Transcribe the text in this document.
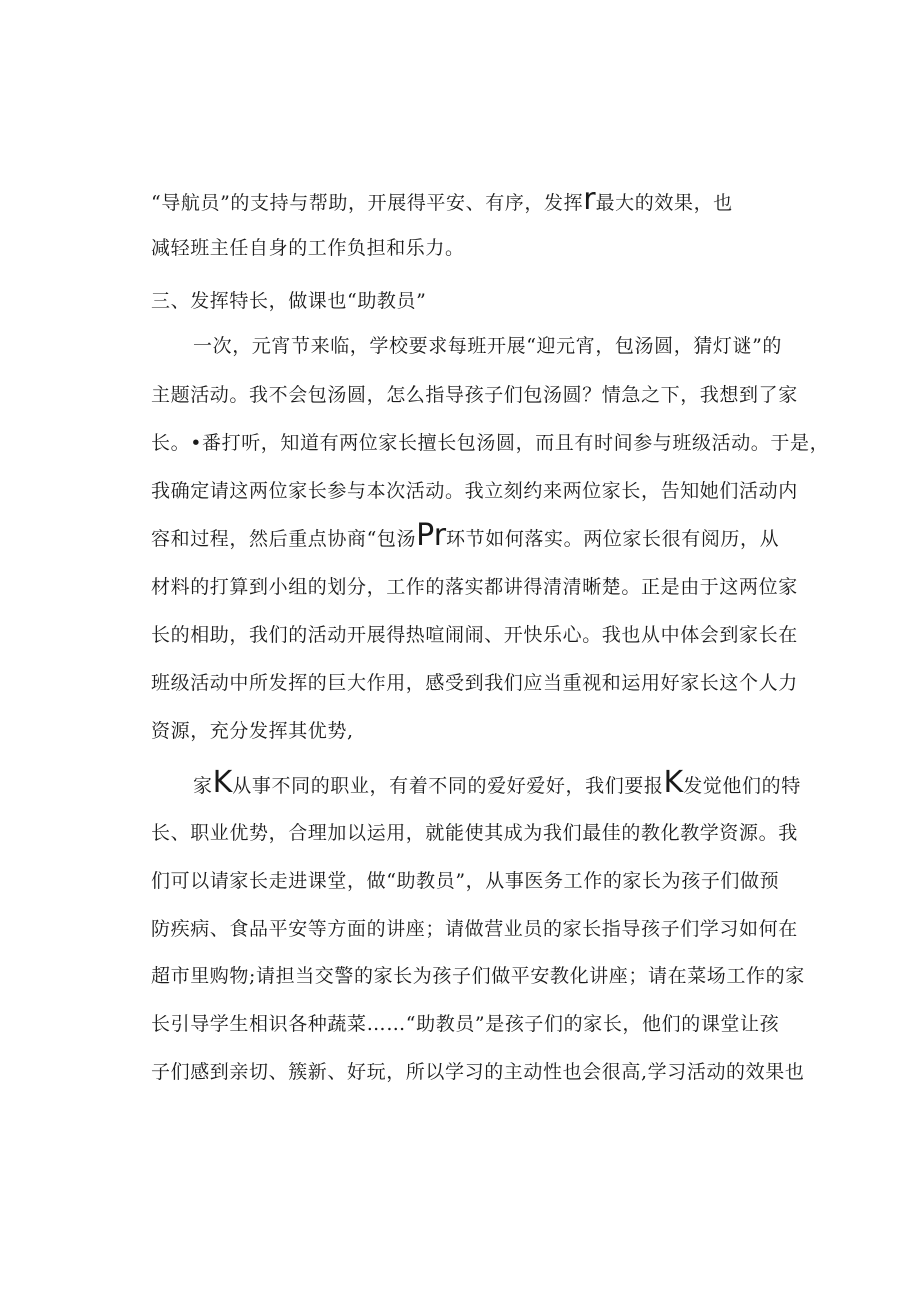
“导航员”的支持与帮助，开展得平安、有序，发挥r最大的效果，也
减轻班主任自身的工作负担和乐力。
三、发挥特长，做课也“助教员”
一次，元宵节来临，学校要求每班开展“迎元宵，包汤圆，猜灯谜”的
主题活动。我不会包汤圆，怎么指导孩子们包汤圆？情急之下，我想到了家
长。•番打听，知道有两位家长擅长包汤圆，而且有时间参与班级活动。于是，
我确定请这两位家长参与本次活动。我立刻约来两位家长，告知她们活动内
容和过程，然后重点协商“包汤Pr环节如何落实。两位家长很有阅历，从
材料的打算到小组的划分，工作的落实都讲得清清晰楚。正是由于这两位家
长的相助，我们的活动开展得热喧闹闹、开快乐心。我也从中体会到家长在
班级活动中所发挥的巨大作用，感受到我们应当重视和运用好家长这个人力
资源，充分发挥其优势,
家K从事不同的职业，有着不同的爱好爱好，我们要报K发觉他们的特
长、职业优势，合理加以运用，就能使其成为我们最佳的教化教学资源。我
们可以请家长走进课堂，做“助教员”，从事医务工作的家长为孩子们做预
防疾病、食品平安等方面的讲座；请做营业员的家长指导孩子们学习如何在
超市里购物;请担当交警的家长为孩子们做平安教化讲座；请在菜场工作的家
长引导学生相识各种蔬菜……“助教员”是孩子们的家长，他们的课堂让孩
子们感到亲切、簇新、好玩，所以学习的主动性也会很高,学习活动的效果也
